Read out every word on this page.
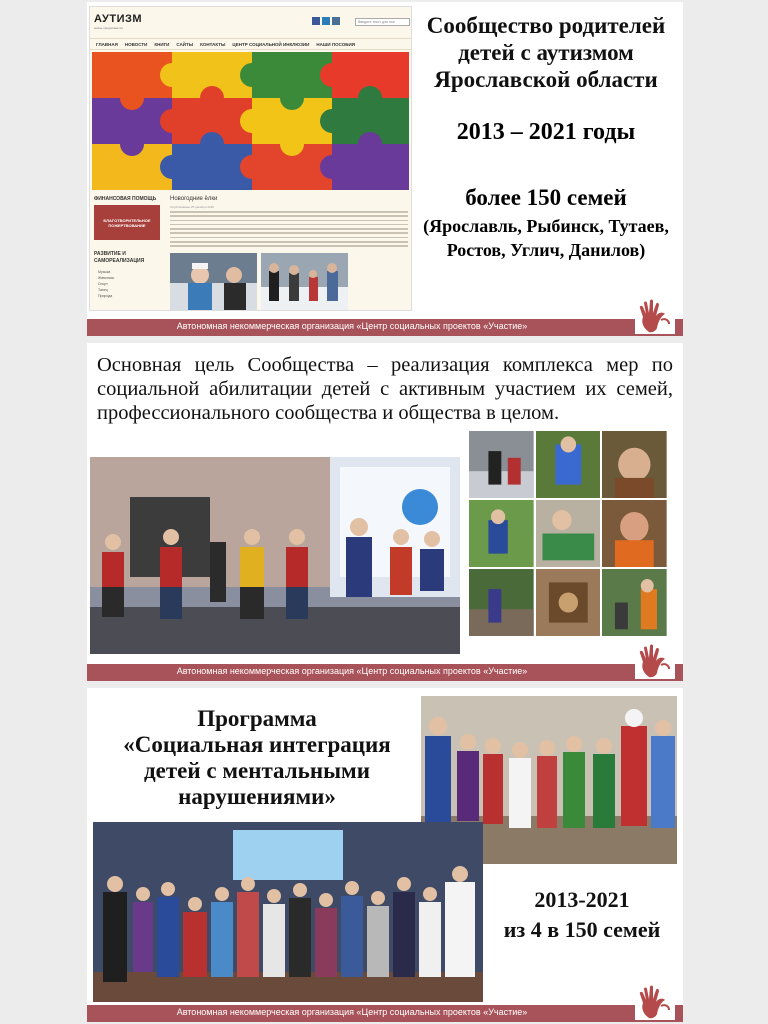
АУТИЗМ
жизнь продолжается
Введите текст для пои
ГЛАВНАЯ НОВОСТИ КНИГИ САЙТЫ КОНТАКТЫ ЦЕНТР СОЦИАЛЬНОЙ ИНКЛЮЗИИ НАШИ ПОСОБИЯ
ФИНАНСОВАЯ ПОМОЩЬ
БЛАГОТВОРИТЕЛЬНОЕ ПОЖЕРТВОВАНИЕ
РАЗВИТИЕ И САМОРЕАЛИЗАЦИЯ
Музыка
Живопись
Спорт
Танец
Природа
Новогодние ёлки
Опубликовано 25 декабря 2020
Сообщество родителей детей с аутизмом Ярославской области
2013 – 2021 годы
более 150 семей
(Ярославль, Рыбинск, Тутаев, Ростов, Углич, Данилов)
Автономная некоммерческая организация «Центр социальных проектов «Участие»
Основная цель Сообщества – реализация комплекса мер по социальной абилитации детей с активным участием их семей, профессионального сообщества и общества в целом.
Автономная некоммерческая организация «Центр социальных проектов «Участие»
Программа
«Социальная интеграция
детей с ментальными
нарушениями»
2013-2021
из 4 в 150 семей
Автономная некоммерческая организация «Центр социальных проектов «Участие»
